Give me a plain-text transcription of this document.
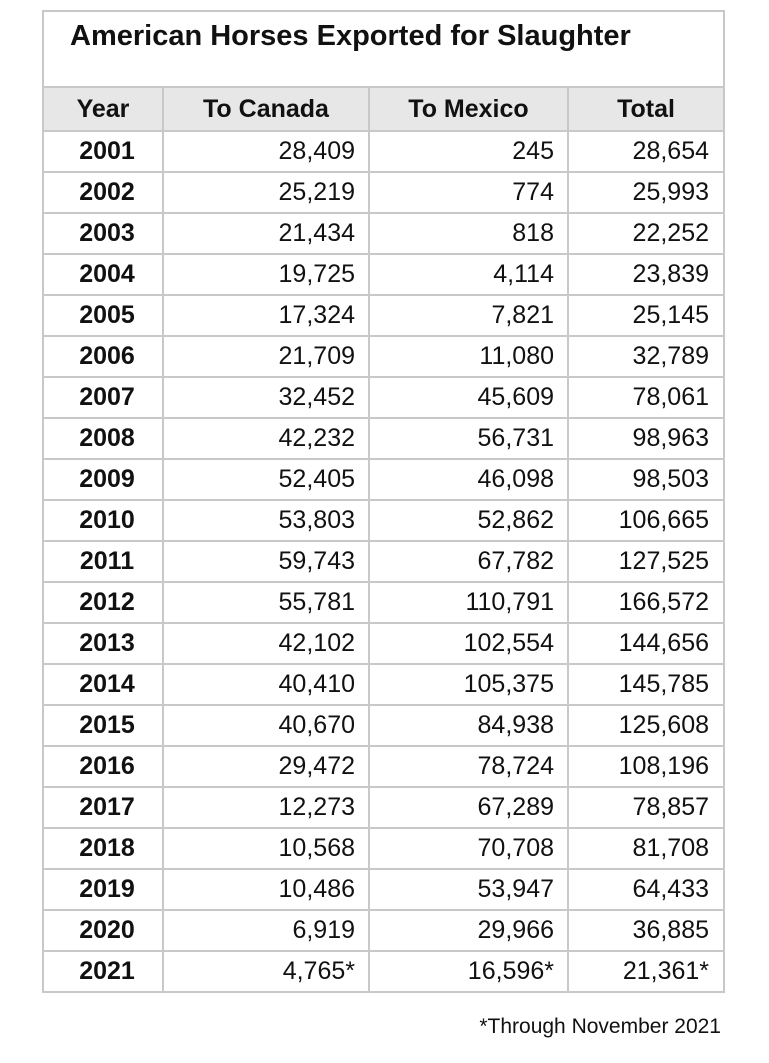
American Horses Exported for Slaughter			
Year	To Canada	To Mexico	Total
2001	28,409	245	28,654
2002	25,219	774	25,993
2003	21,434	818	22,252
2004	19,725	4,114	23,839
2005	17,324	7,821	25,145
2006	21,709	11,080	32,789
2007	32,452	45,609	78,061
2008	42,232	56,731	98,963
2009	52,405	46,098	98,503
2010	53,803	52,862	106,665
2011	59,743	67,782	127,525
2012	55,781	110,791	166,572
2013	42,102	102,554	144,656
2014	40,410	105,375	145,785
2015	40,670	84,938	125,608
2016	29,472	78,724	108,196
2017	12,273	67,289	78,857
2018	10,568	70,708	81,708
2019	10,486	53,947	64,433
2020	6,919	29,966	36,885
2021	4,765*	16,596*	21,361*
*Through November 2021
